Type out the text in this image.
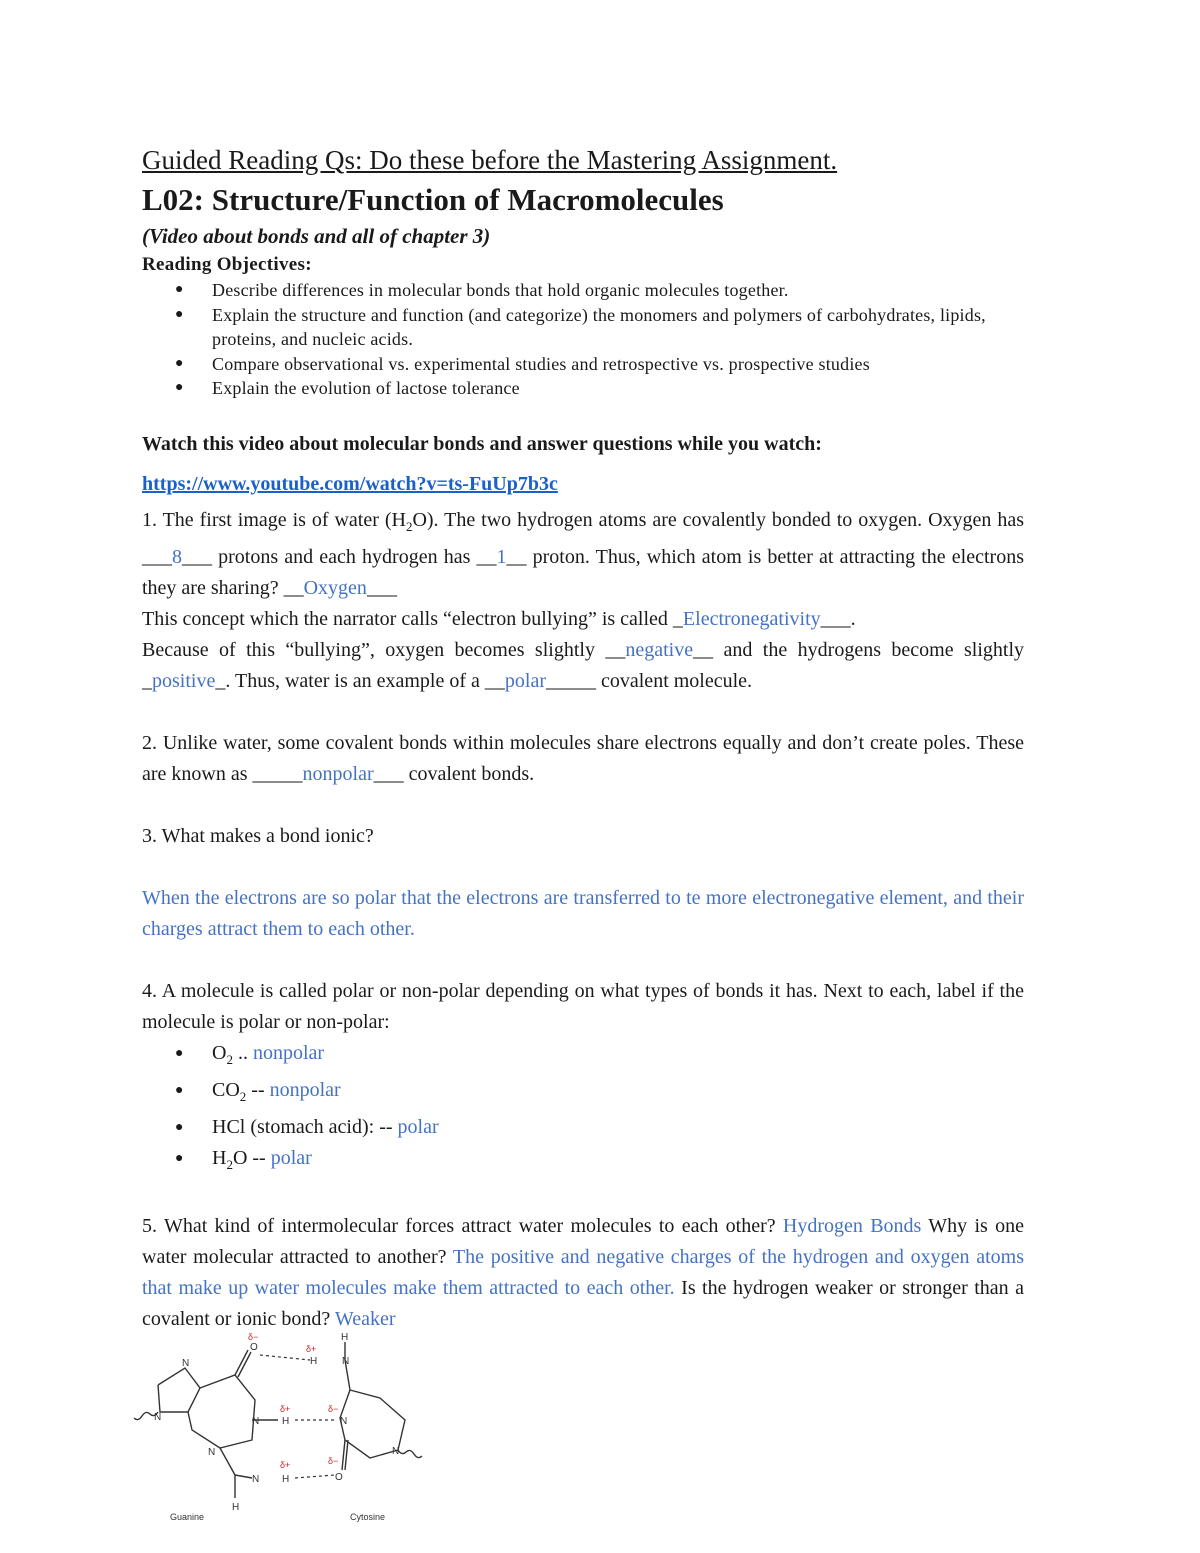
Guided Reading Qs: Do these before the Mastering Assignment.
L02: Structure/Function of Macromolecules
(Video about bonds and all of chapter 3)
Reading Objectives:
● Describe differences in molecular bonds that hold organic molecules together.
● Explain the structure and function (and categorize) the monomers and polymers of carbohydrates, lipids, proteins, and nucleic acids.
● Compare observational vs. experimental studies and retrospective vs. prospective studies
● Explain the evolution of lactose tolerance
Watch this video about molecular bonds and answer questions while you watch:
https://www.youtube.com/watch?v=ts-FuUp7b3c

1. The first image is of water $(H_2O)$. The two hydrogen atoms are covalently bonded to oxygen. Oxygen has ___8___ protons and each hydrogen has __1__ proton. Thus, which atom is better at attracting the electrons they are sharing? __Oxygen___

This concept which the narrator calls “electron bullying” is called _Electronegativity___.

Because of this “bullying”, oxygen becomes slightly __negative__ and the hydrogens become slightly _positive_. Thus, water is an example of a __polar_____ covalent molecule.

2. Unlike water, some covalent bonds within molecules share electrons equally and don’t create poles. These are known as _____nonpolar___ covalent bonds.

3. What makes a bond ionic?

When the electrons are so polar that the electrons are transferred to te more electronegative element, and their charges attract them to each other.

4. A molecule is called polar or non-polar depending on what types of bonds it has. Next to each, label if the molecule is polar or non-polar:

● $O_2$ .. nonpolar
● $CO_2$ -- nonpolar
● HCl (stomach acid): -- polar
● $H_2O$ -- polar

5. What kind of intermolecular forces attract water molecules to each other? Hydrogen Bonds Why is one water molecular attracted to another? The positive and negative charges of the hydrogen and oxygen atoms that make up water molecules make them attracted to each other. Is the hydrogen weaker or stronger than a covalent or ionic bond? Weaker

N
N
O
N H
N
N H
H
H N
H
N
O
N
δ−
δ+
δ+	δ−
δ+	δ−
Guanine	Cytosine
